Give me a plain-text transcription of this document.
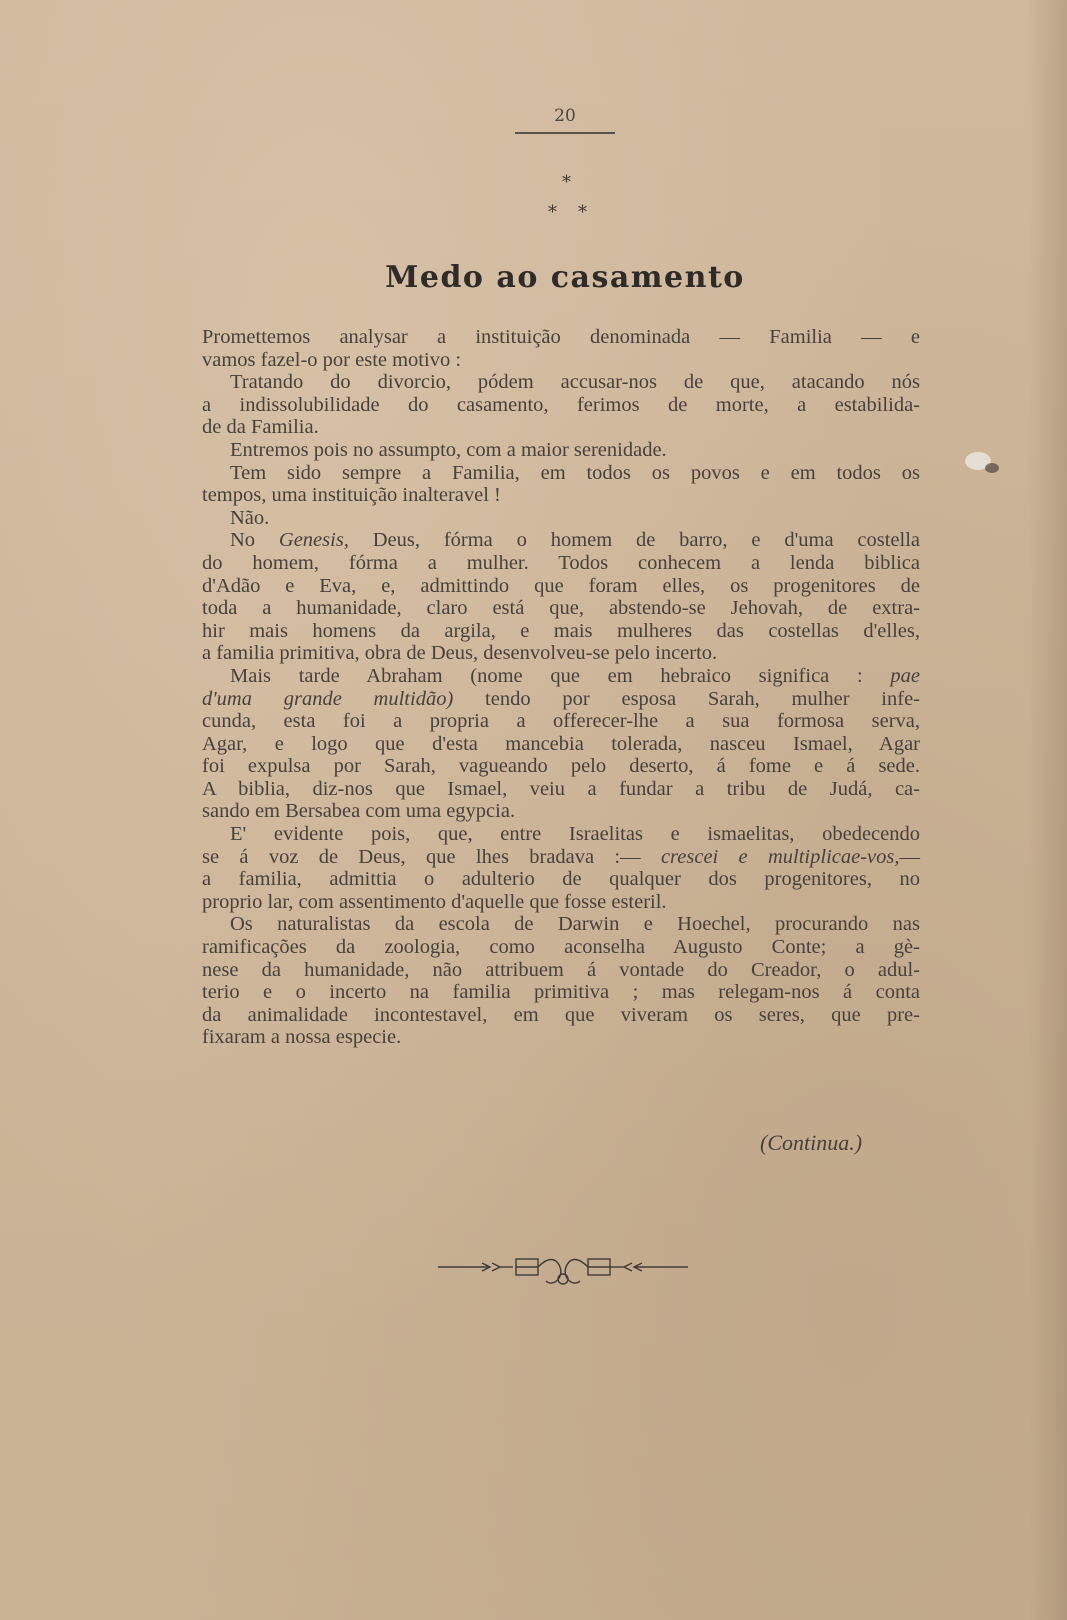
20
*
* *
Medo ao casamento
Promettemos analysar a instituição denominada — Familia — e
vamos fazel-o por este motivo :
Tratando do divorcio, pódem accusar-nos de que, atacando nós
a indissolubilidade do casamento, ferimos de morte, a estabilida-
de da Familia.
Entremos pois no assumpto, com a maior serenidade.
Tem sido sempre a Familia, em todos os povos e em todos os
tempos, uma instituição inalteravel !
Não.
No Genesis, Deus, fórma o homem de barro, e d'uma costella
do homem, fórma a mulher. Todos conhecem a lenda biblica
d'Adão e Eva, e, admittindo que foram elles, os progenitores de
toda a humanidade, claro está que, abstendo-se Jehovah, de extra-
hir mais homens da argila, e mais mulheres das costellas d'elles,
a familia primitiva, obra de Deus, desenvolveu-se pelo incerto.
Mais tarde Abraham (nome que em hebraico significa : pae
d'uma grande multidão) tendo por esposa Sarah, mulher infe-
cunda, esta foi a propria a offerecer-lhe a sua formosa serva,
Agar, e logo que d'esta mancebia tolerada, nasceu Ismael, Agar
foi expulsa por Sarah, vagueando pelo deserto, á fome e á sede.
A biblia, diz-nos que Ismael, veiu a fundar a tribu de Judá, ca-
sando em Bersabea com uma egypcia.
E' evidente pois, que, entre Israelitas e ismaelitas, obedecendo
se á voz de Deus, que lhes bradava :— crescei e multiplicae-vos,—
a familia, admittia o adulterio de qualquer dos progenitores, no
proprio lar, com assentimento d'aquelle que fosse esteril.
Os naturalistas da escola de Darwin e Hoechel, procurando nas
ramificações da zoologia, como aconselha Augusto Conte; a gè-
nese da humanidade, não attribuem á vontade do Creador, o adul-
terio e o incerto na familia primitiva ; mas relegam-nos á conta
da animalidade incontestavel, em que viveram os seres, que pre-
fixaram a nossa especie.
(Continua.)
